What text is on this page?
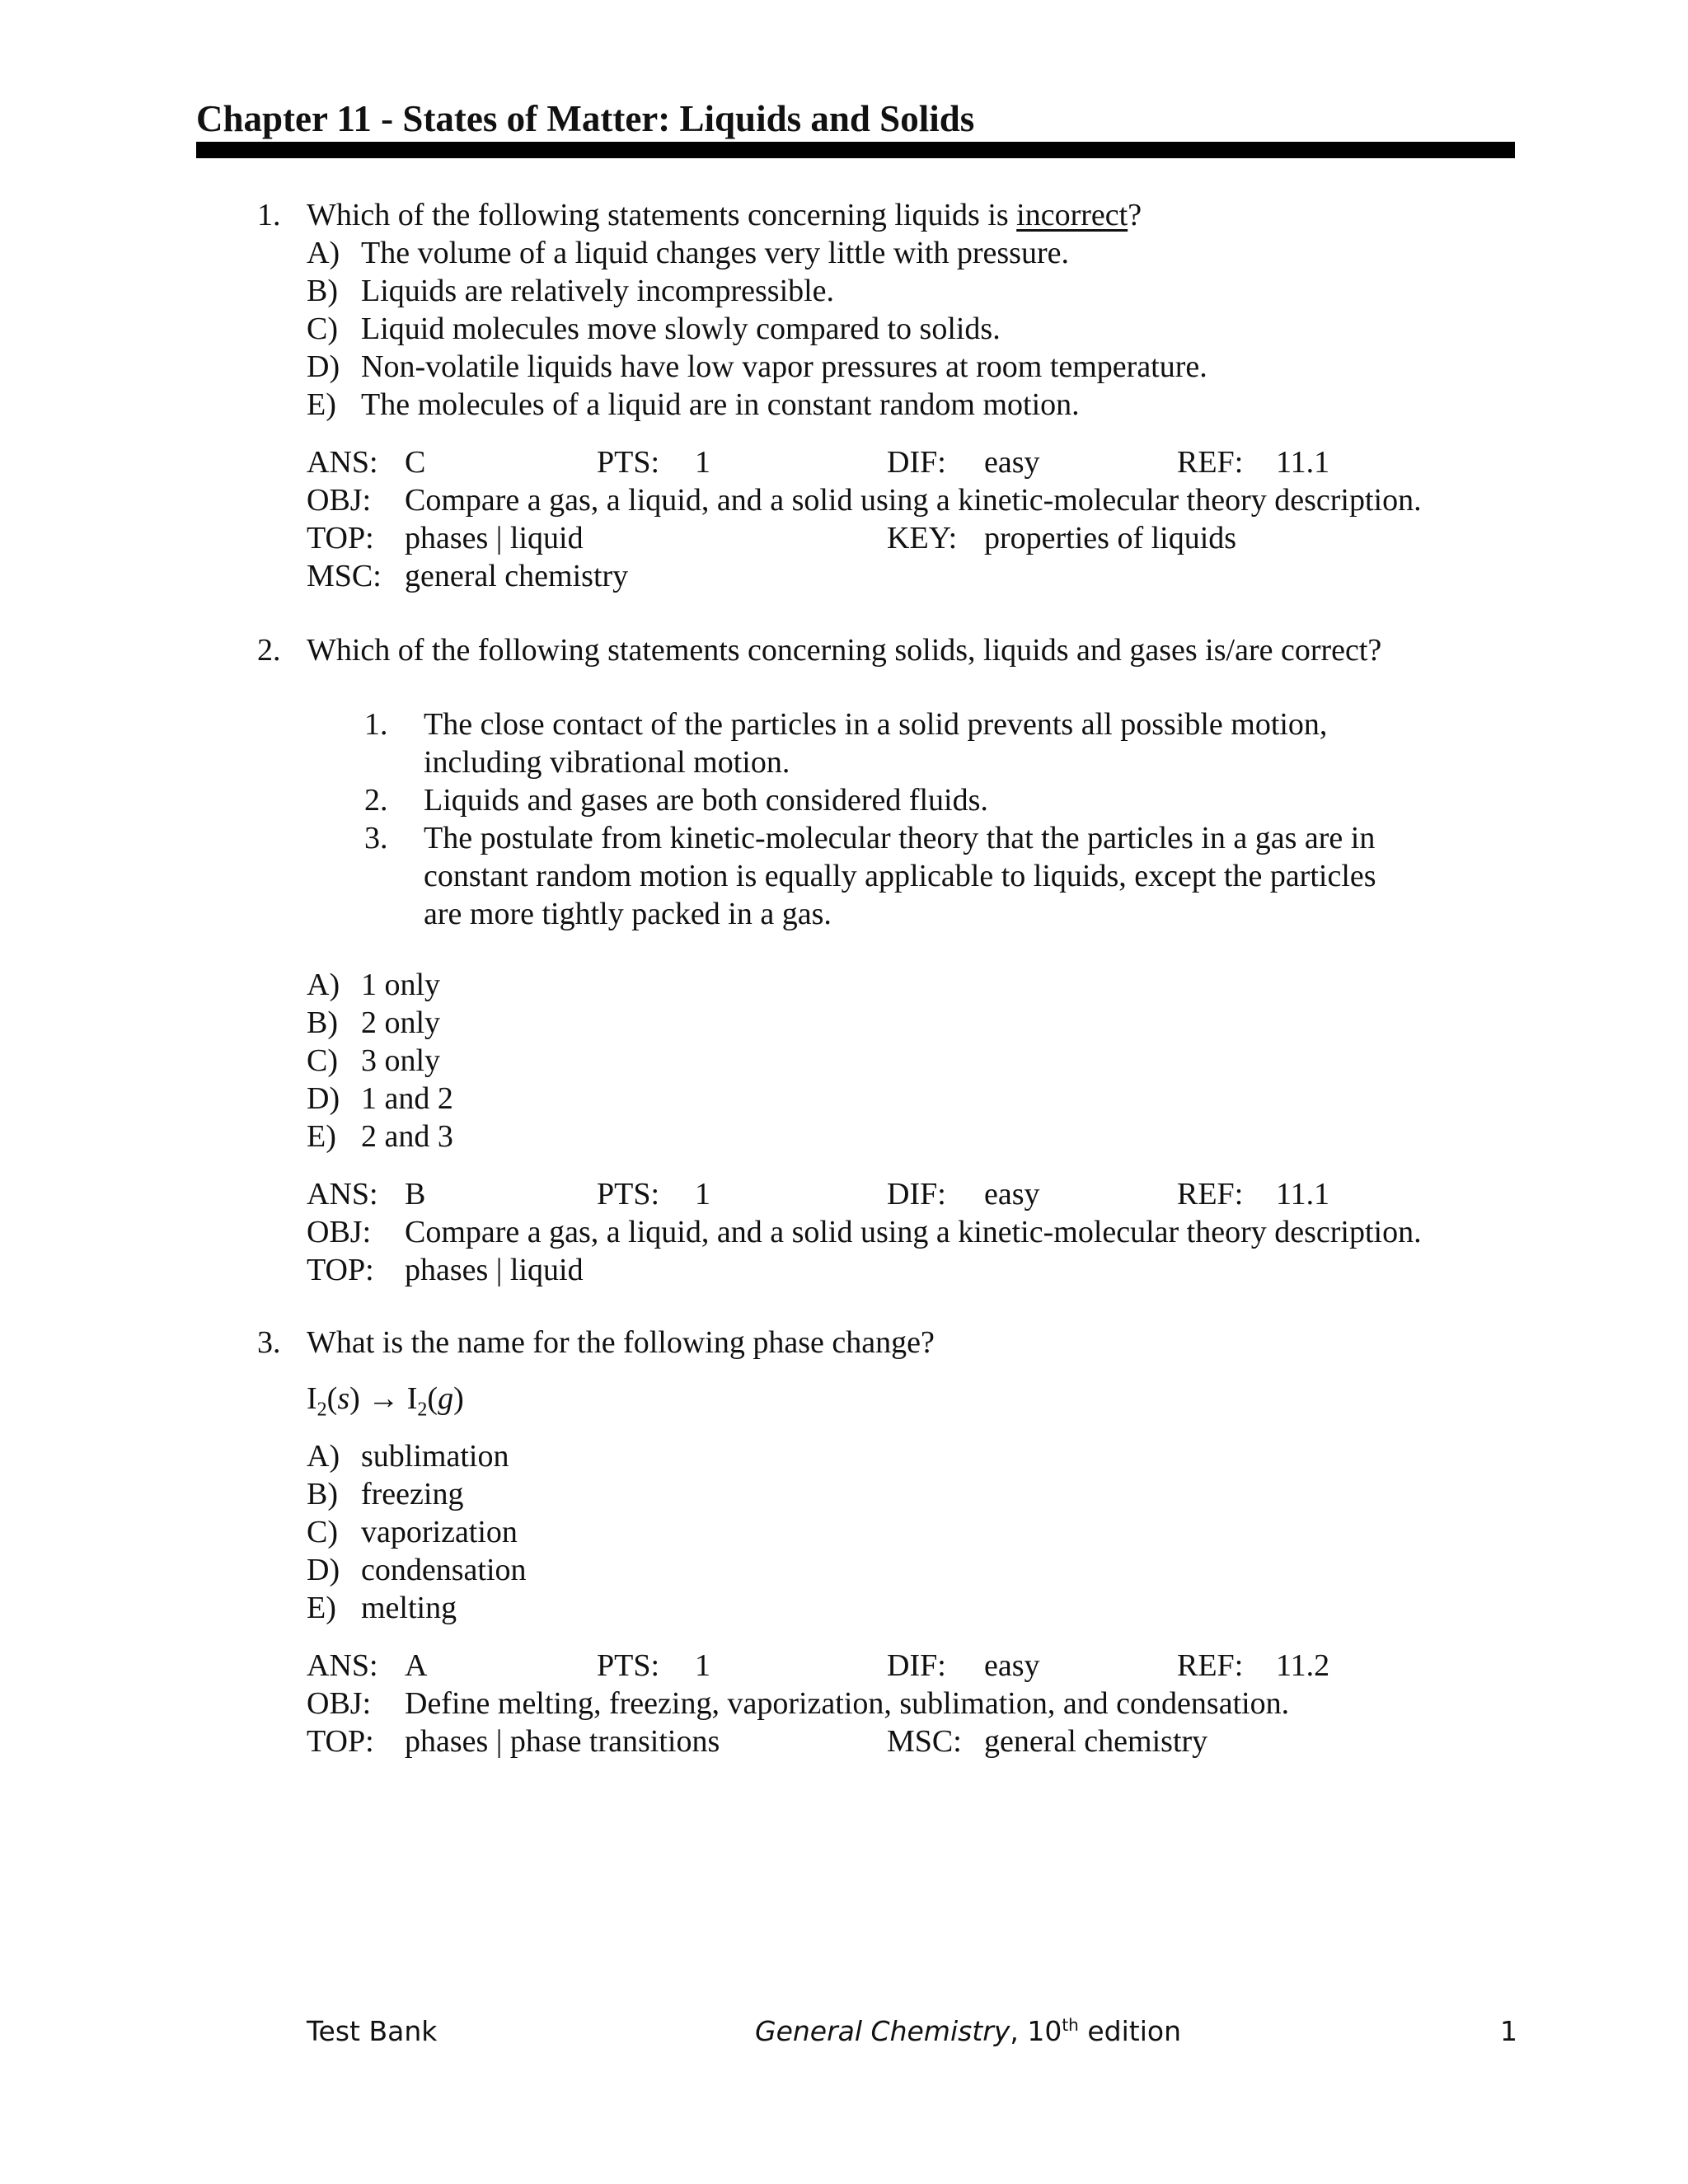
Chapter 11 - States of Matter: Liquids and Solids
1. Which of the following statements concerning liquids is incorrect?
A) The volume of a liquid changes very little with pressure.
B) Liquids are relatively incompressible.
C) Liquid molecules move slowly compared to solids.
D) Non-volatile liquids have low vapor pressures at room temperature.
E) The molecules of a liquid are in constant random motion.
ANS: C	PTS: 1	DIF: easy	REF: 11.1
OBJ: Compare a gas, a liquid, and a solid using a kinetic-molecular theory description.
TOP: phases | liquid	KEY: properties of liquids
MSC: general chemistry
2. Which of the following statements concerning solids, liquids and gases is/are correct?
1. The close contact of the particles in a solid prevents all possible motion,
including vibrational motion.
2. Liquids and gases are both considered fluids.
3. The postulate from kinetic-molecular theory that the particles in a gas are in
constant random motion is equally applicable to liquids, except the particles
are more tightly packed in a gas.
A) 1 only
B) 2 only
C) 3 only
D) 1 and 2
E) 2 and 3
ANS: B	PTS: 1	DIF: easy	REF: 11.1
OBJ: Compare a gas, a liquid, and a solid using a kinetic-molecular theory description.
TOP: phases | liquid
3. What is the name for the following phase change?
$I_2(s) \to I_2(g)$
A) sublimation
B) freezing
C) vaporization
D) condensation
E) melting
ANS: A	PTS: 1	DIF: easy	REF: 11.2
OBJ: Define melting, freezing, vaporization, sublimation, and condensation.
TOP: phases | phase transitions	MSC: general chemistry
Test Bank	General Chemistry, 10th edition	1
